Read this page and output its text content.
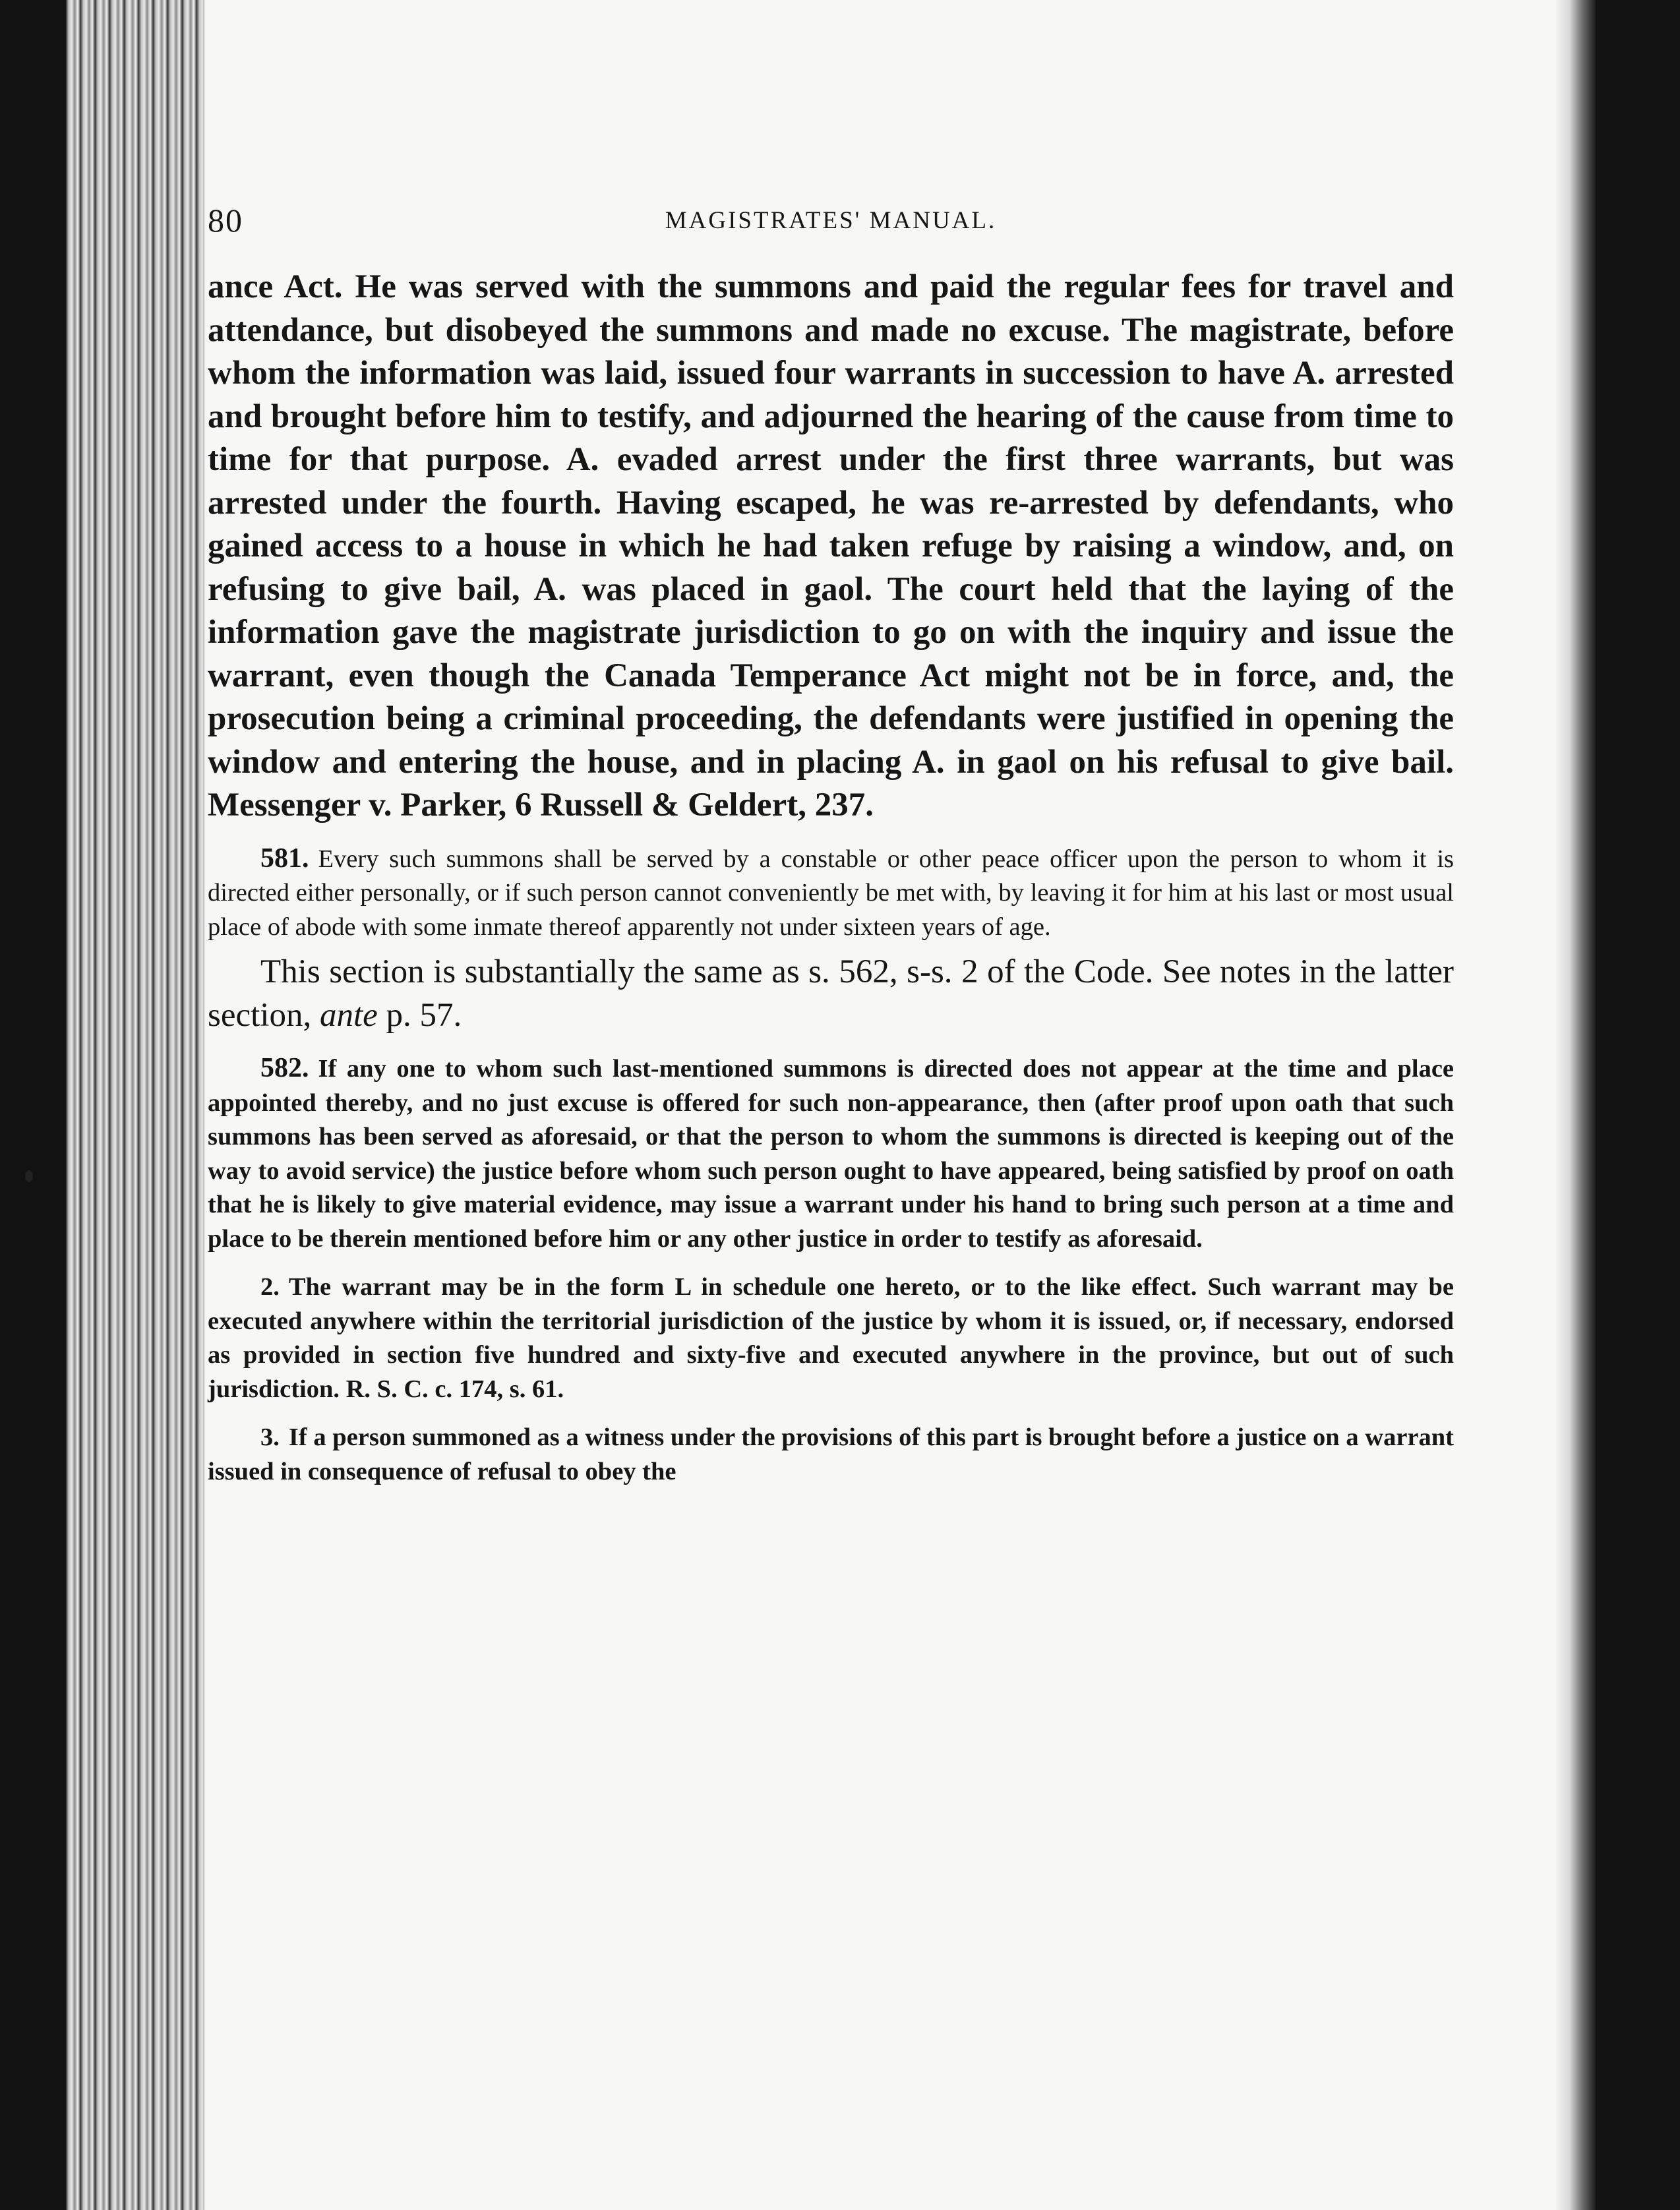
80	MAGISTRATES' MANUAL.

ance Act. He was served with the summons and paid the regular fees for travel and attendance, but disobeyed the summons and made no excuse. The magistrate, before whom the information was laid, issued four warrants in succession to have A. arrested and brought before him to testify, and adjourned the hearing of the cause from time to time for that purpose. A. evaded arrest under the first three warrants, but was arrested under the fourth. Having escaped, he was re-arrested by defendants, who gained access to a house in which he had taken refuge by raising a window, and, on refusing to give bail, A. was placed in gaol. The court held that the laying of the information gave the magistrate jurisdiction to go on with the inquiry and issue the warrant, even though the Canada Temperance Act might not be in force, and, the prosecution being a criminal proceeding, the defendants were justified in opening the window and entering the house, and in placing A. in gaol on his refusal to give bail. Messenger v. Parker, 6 Russell & Geldert, 237.

581. Every such summons shall be served by a constable or other peace officer upon the person to whom it is directed either personally, or if such person cannot conveniently be met with, by leaving it for him at his last or most usual place of abode with some inmate thereof apparently not under sixteen years of age.

This section is substantially the same as s. 562, s-s. 2 of the Code. See notes in the latter section, ante p. 57.

582. If any one to whom such last-mentioned summons is directed does not appear at the time and place appointed thereby, and no just excuse is offered for such non-appearance, then (after proof upon oath that such summons has been served as aforesaid, or that the person to whom the summons is directed is keeping out of the way to avoid service) the justice before whom such person ought to have appeared, being satisfied by proof on oath that he is likely to give material evidence, may issue a warrant under his hand to bring such person at a time and place to be therein mentioned before him or any other justice in order to testify as aforesaid.

2. The warrant may be in the form L in schedule one hereto, or to the like effect. Such warrant may be executed anywhere within the territorial jurisdiction of the justice by whom it is issued, or, if necessary, endorsed as provided in section five hundred and sixty-five and executed anywhere in the province, but out of such jurisdiction. R. S. C. c. 174, s. 61.

3. If a person summoned as a witness under the provisions of this part is brought before a justice on a warrant issued in consequence of refusal to obey the
